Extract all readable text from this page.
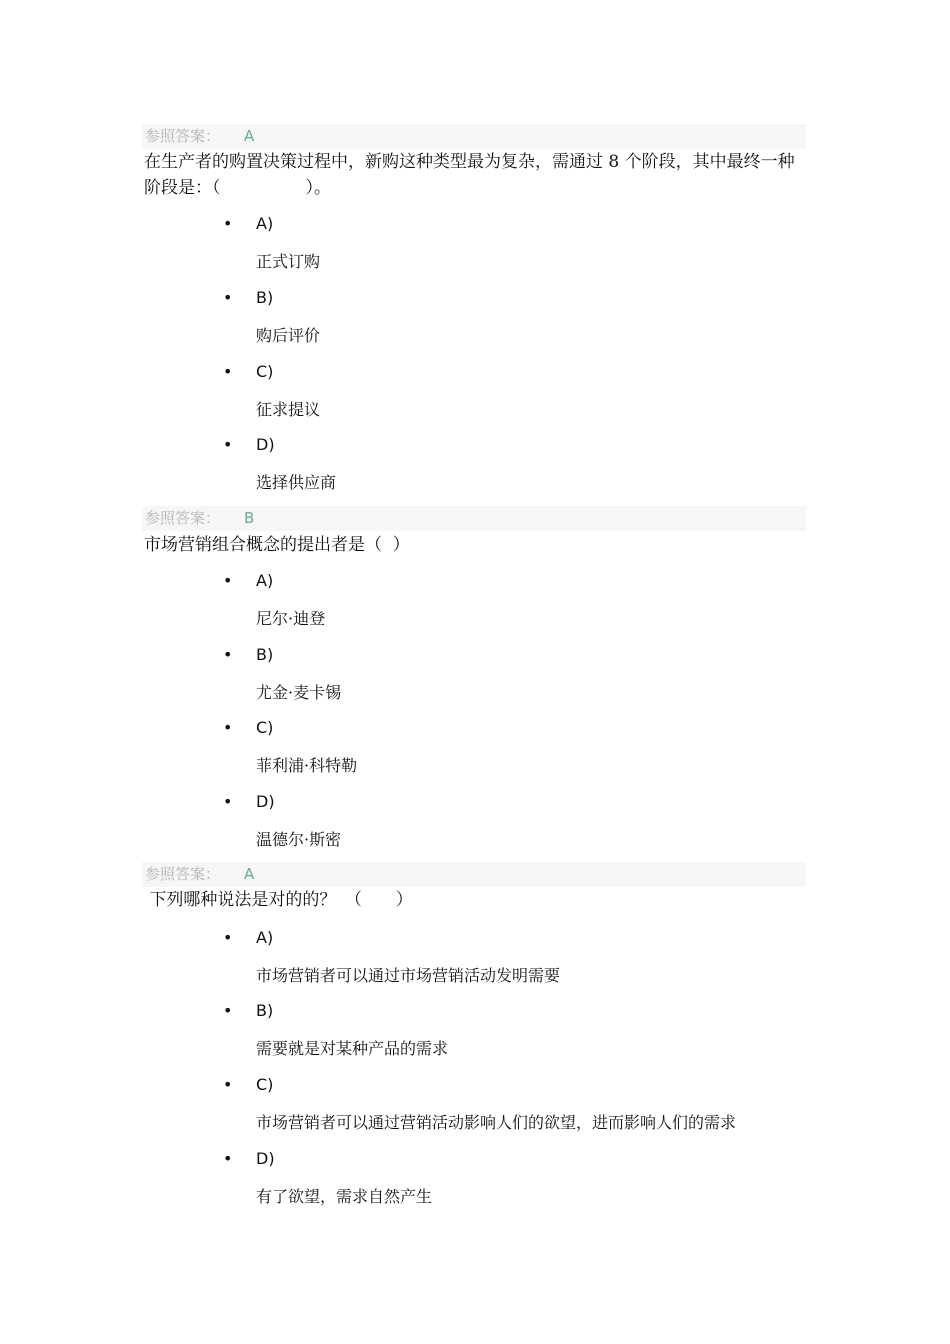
参照答案： A
在生产者的购置决策过程中，新购这种类型最为复杂，需通过 8 个阶段，其中最终一种阶段是：（　　　　　）。
• A)
正式订购
• B)
购后评价
• C)
征求提议
• D)
选择供应商
参照答案： B
市场营销组合概念的提出者是（  ）
• A)
尼尔·迪登
• B)
尤金·麦卡锡
• C)
菲利浦·科特勒
• D)
温德尔·斯密
参照答案： A
下列哪种说法是对的的？　（　　）
• A)
市场营销者可以通过市场营销活动发明需要
• B)
需要就是对某种产品的需求
• C)
市场营销者可以通过营销活动影响人们的欲望，进而影响人们的需求
• D)
有了欲望，需求自然产生
